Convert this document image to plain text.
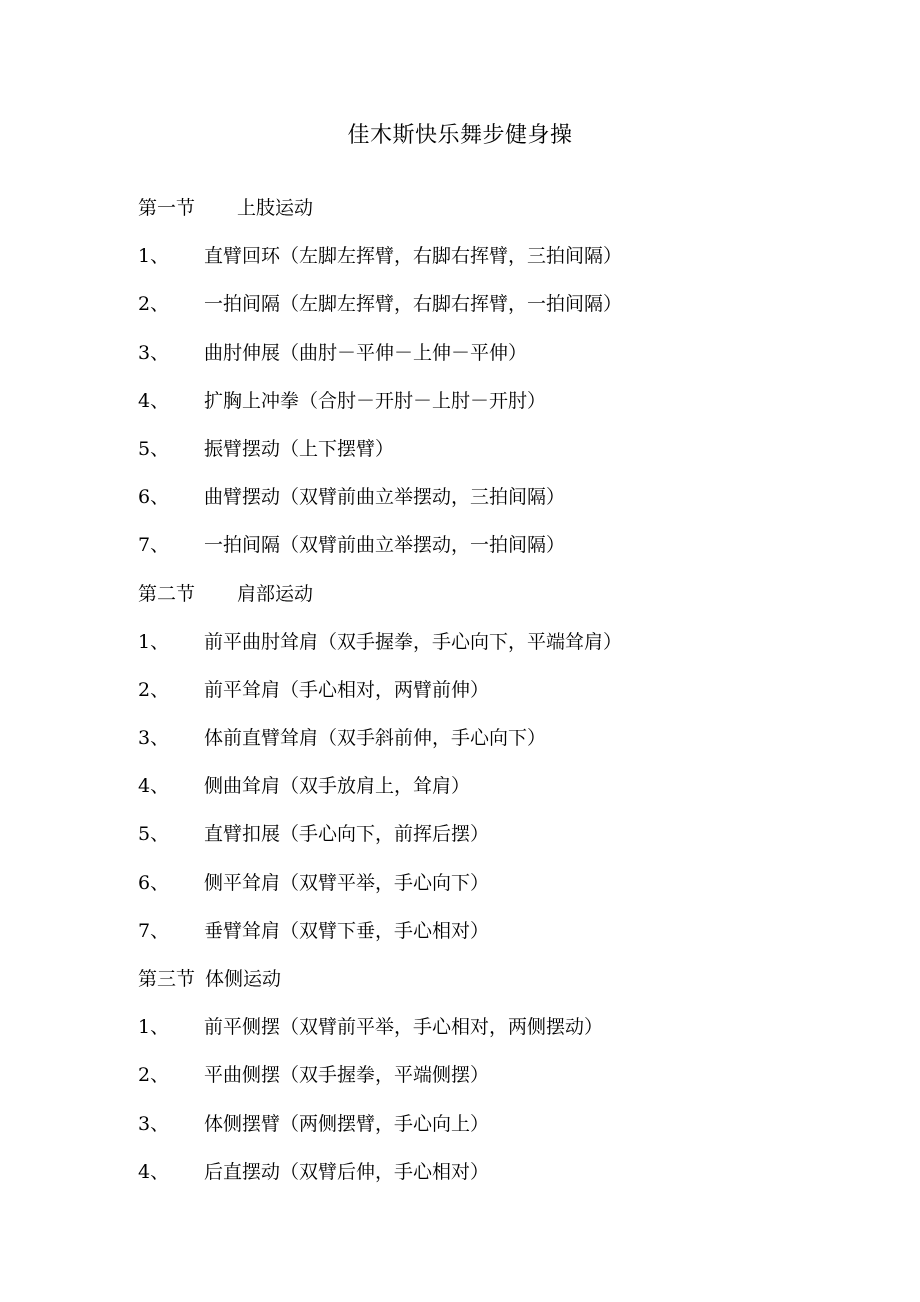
佳木斯快乐舞步健身操
第一节	上肢运动
1、	直臂回环（左脚左挥臂，右脚右挥臂，三拍间隔）
2、	一拍间隔（左脚左挥臂，右脚右挥臂，一拍间隔）
3、	曲肘伸展（曲肘－平伸－上伸－平伸）
4、	扩胸上冲拳（合肘－开肘－上肘－开肘）
5、	振臂摆动（上下摆臂）
6、	曲臂摆动（双臂前曲立举摆动，三拍间隔）
7、	一拍间隔（双臂前曲立举摆动，一拍间隔）
第二节	肩部运动
1、	前平曲肘耸肩（双手握拳，手心向下，平端耸肩）
2、	前平耸肩（手心相对，两臂前伸）
3、	体前直臂耸肩（双手斜前伸，手心向下）
4、	侧曲耸肩（双手放肩上，耸肩）
5、	直臂扣展（手心向下，前挥后摆）
6、	侧平耸肩（双臂平举，手心向下）
7、	垂臂耸肩（双臂下垂，手心相对）
第三节 体侧运动
1、	前平侧摆（双臂前平举，手心相对，两侧摆动）
2、	平曲侧摆（双手握拳，平端侧摆）
3、	体侧摆臂（两侧摆臂，手心向上）
4、	后直摆动（双臂后伸，手心相对）
